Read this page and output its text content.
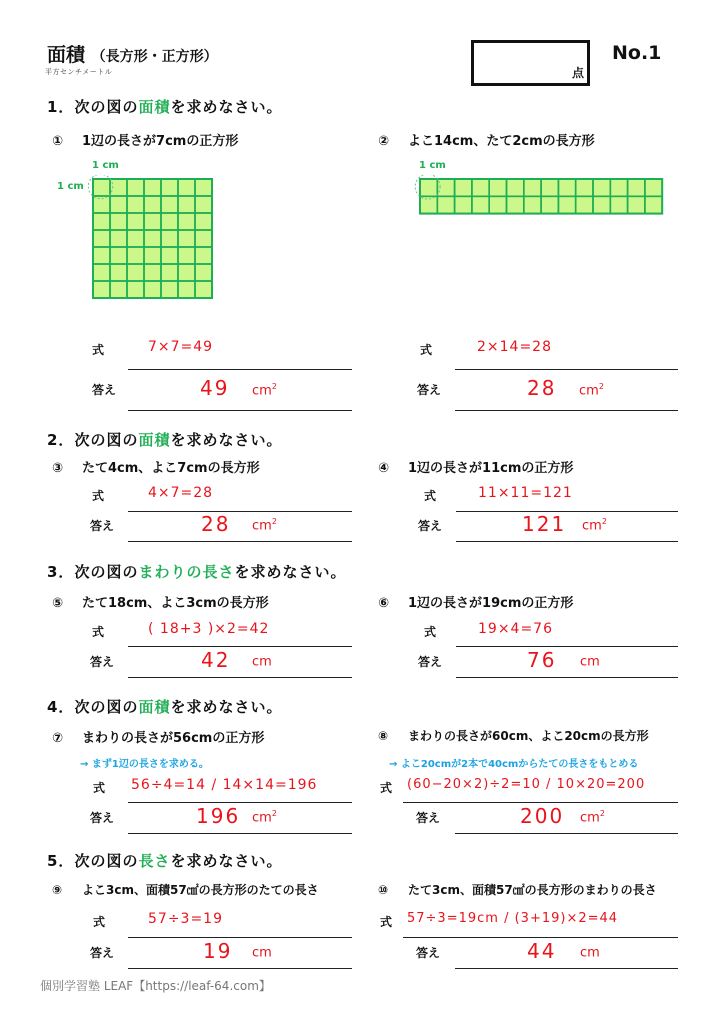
面積 （長方形・正方形）
平方センチメートル	点
No.1
1．次の図の面積を求めなさい。
① 1辺の長さが7cmの正方形	② よこ14cm、たて2cmの長方形
1 cm
1 cm
1 cm
式	7×7=49
答え	49 $cm^2$
式	2×14=28
答え	28 $cm^2$
2．次の図の面積を求めなさい。
③ たて4cm、よこ7cmの長方形	④ 1辺の長さが11cmの正方形
式	4×7=28
答え	28 $cm^2$
式	11×11=121
答え	121 $cm^2$
3．次の図のまわりの長さを求めなさい。
⑤ たて18cm、よこ3cmの長方形	⑥ 1辺の長さが19cmの正方形
式	( 18+3 )×2=42
答え	42 cm
式	19×4=76
答え	76 cm
4．次の図の面積を求めなさい。
⑦ まわりの長さが56cmの正方形	⑧ まわりの長さが60cm、よこ20cmの長方形
→ まず1辺の長さを求める。	→ よこ20cmが2本で40cmからたての長さをもとめる
式 56÷4=14 / 14×14=196
答え	196 $cm^2$
式 (60−20×2)÷2=10 / 10×20=200
答え	200 $cm^2$
5．次の図の長さを求めなさい。
⑨ よこ3cm、面積57㎠の長方形のたての長さ	⑩ たて3cm、面積57㎠の長方形のまわりの長さ
式	57÷3=19
答え	19 cm
式 57÷3=19cm / (3+19)×2=44
答え	44 cm
個別学習塾 LEAF【https://leaf-64.com】
